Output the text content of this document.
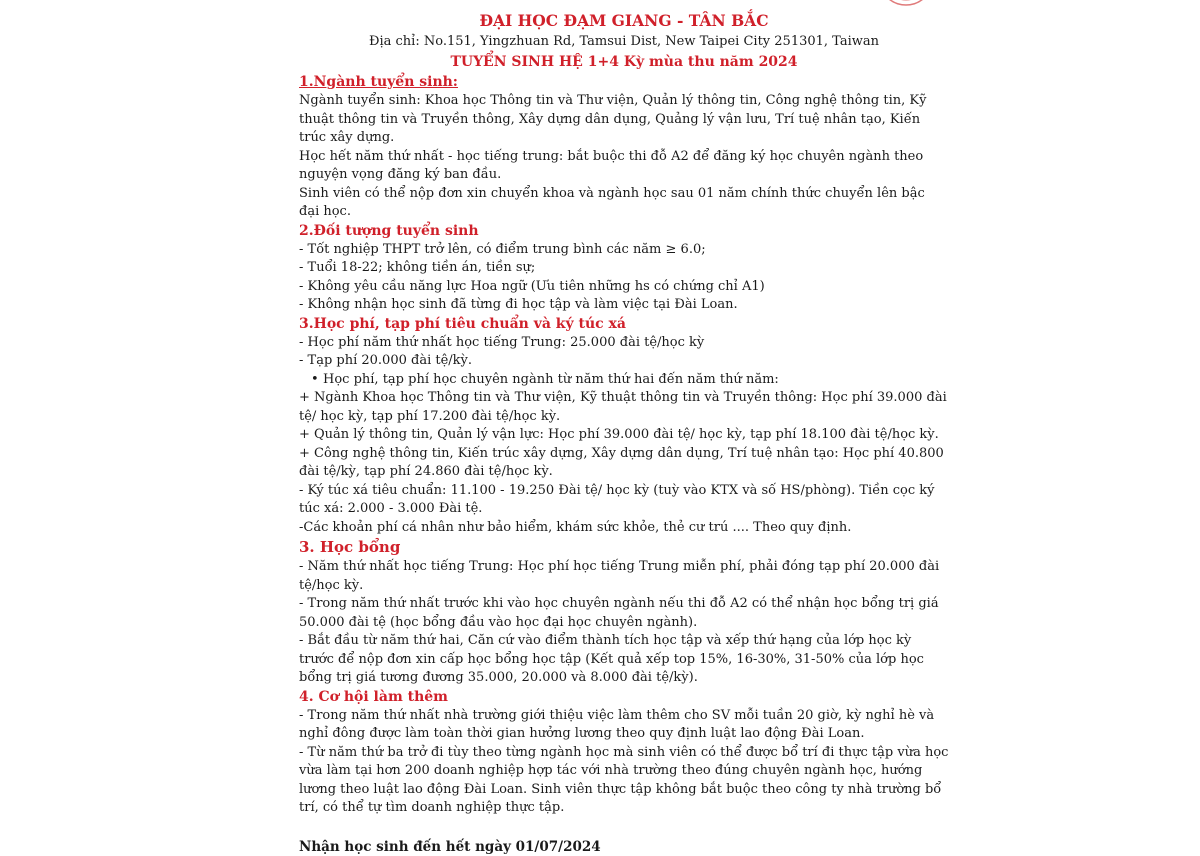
ĐẠI HỌC ĐẠM GIANG - TÂN BẮC
Địa chỉ: No.151, Yingzhuan Rd, Tamsui Dist, New Taipei City 251301, Taiwan
TUYỂN SINH HỆ 1+4 Kỳ mùa thu năm 2024
1.Ngành tuyển sinh:

Ngành tuyển sinh: Khoa học Thông tin và Thư viện, Quản lý thông tin, Công nghệ thông tin, Kỹ thuật thông tin và Truyền thông, Xây dựng dân dụng, Quảng lý vận lưu, Trí tuệ nhân tạo, Kiến trúc xây dựng.

Học hết năm thứ nhất - học tiếng trung: bắt buộc thi đỗ A2 để đăng ký học chuyên ngành theo nguyện vọng đăng ký ban đầu.

Sinh viên có thể nộp đơn xin chuyển khoa và ngành học sau 01 năm chính thức chuyển lên bậc đại học.

2.Đối tượng tuyển sinh

- Tốt nghiệp THPT trở lên, có điểm trung bình các năm ≥ 6.0;

- Tuổi 18-22; không tiền án, tiền sự;

- Không yêu cầu năng lực Hoa ngữ (Ưu tiên những hs có chứng chỉ A1)

- Không nhận học sinh đã từng đi học tập và làm việc tại Đài Loan.

3.Học phí, tạp phí tiêu chuẩn và ký túc xá

- Học phí năm thứ nhất học tiếng Trung: 25.000 đài tệ/học kỳ

- Tạp phí 20.000 đài tệ/kỳ.

• Học phí, tạp phí học chuyên ngành từ năm thứ hai đến năm thứ năm:

+ Ngành Khoa học Thông tin và Thư viện, Kỹ thuật thông tin và Truyền thông: Học phí 39.000 đài tệ/ học kỳ, tạp phí 17.200 đài tệ/học kỳ.

+ Quản lý thông tin, Quản lý vận lực: Học phí 39.000 đài tệ/ học kỳ, tạp phí 18.100 đài tệ/học kỳ.

+ Công nghệ thông tin, Kiến trúc xây dựng, Xây dựng dân dụng, Trí tuệ nhân tạo: Học phí 40.800 đài tệ/kỳ, tạp phí 24.860 đài tệ/học kỳ.

- Ký túc xá tiêu chuẩn: 11.100 - 19.250 Đài tệ/ học kỳ (tuỳ vào KTX và số HS/phòng). Tiền cọc ký túc xá: 2.000 - 3.000 Đài tệ.

-Các khoản phí cá nhân như bảo hiểm, khám sức khỏe, thẻ cư trú .... Theo quy định.

3. Học bổng

- Năm thứ nhất học tiếng Trung: Học phí học tiếng Trung miễn phí, phải đóng tạp phí 20.000 đài tệ/học kỳ.

- Trong năm thứ nhất trước khi vào học chuyên ngành nếu thi đỗ A2 có thể nhận học bổng trị giá 50.000 đài tệ (học bổng đầu vào học đại học chuyên ngành).

- Bắt đầu từ năm thứ hai, Căn cứ vào điểm thành tích học tập và xếp thứ hạng của lớp học kỳ trước để nộp đơn xin cấp học bổng học tập (Kết quả xếp top 15%, 16-30%, 31-50% của lớp học bổng trị giá tương đương 35.000, 20.000 và 8.000 đài tệ/kỳ).

4. Cơ hội làm thêm

- Trong năm thứ nhất nhà trường giới thiệu việc làm thêm cho SV mỗi tuần 20 giờ, kỳ nghỉ hè và nghỉ đông được làm toàn thời gian hưởng lương theo quy định luật lao động Đài Loan.

- Từ năm thứ ba trở đi tùy theo từng ngành học mà sinh viên có thể được bổ trí đi thực tập vừa học vừa làm tại hơn 200 doanh nghiệp hợp tác với nhà trường theo đúng chuyên ngành học, hướng lương theo luật lao động Đài Loan. Sinh viên thực tập không bắt buộc theo công ty nhà trường bổ trí, có thể tự tìm doanh nghiệp thực tập.

Nhận học sinh đến hết ngày 01/07/2024
